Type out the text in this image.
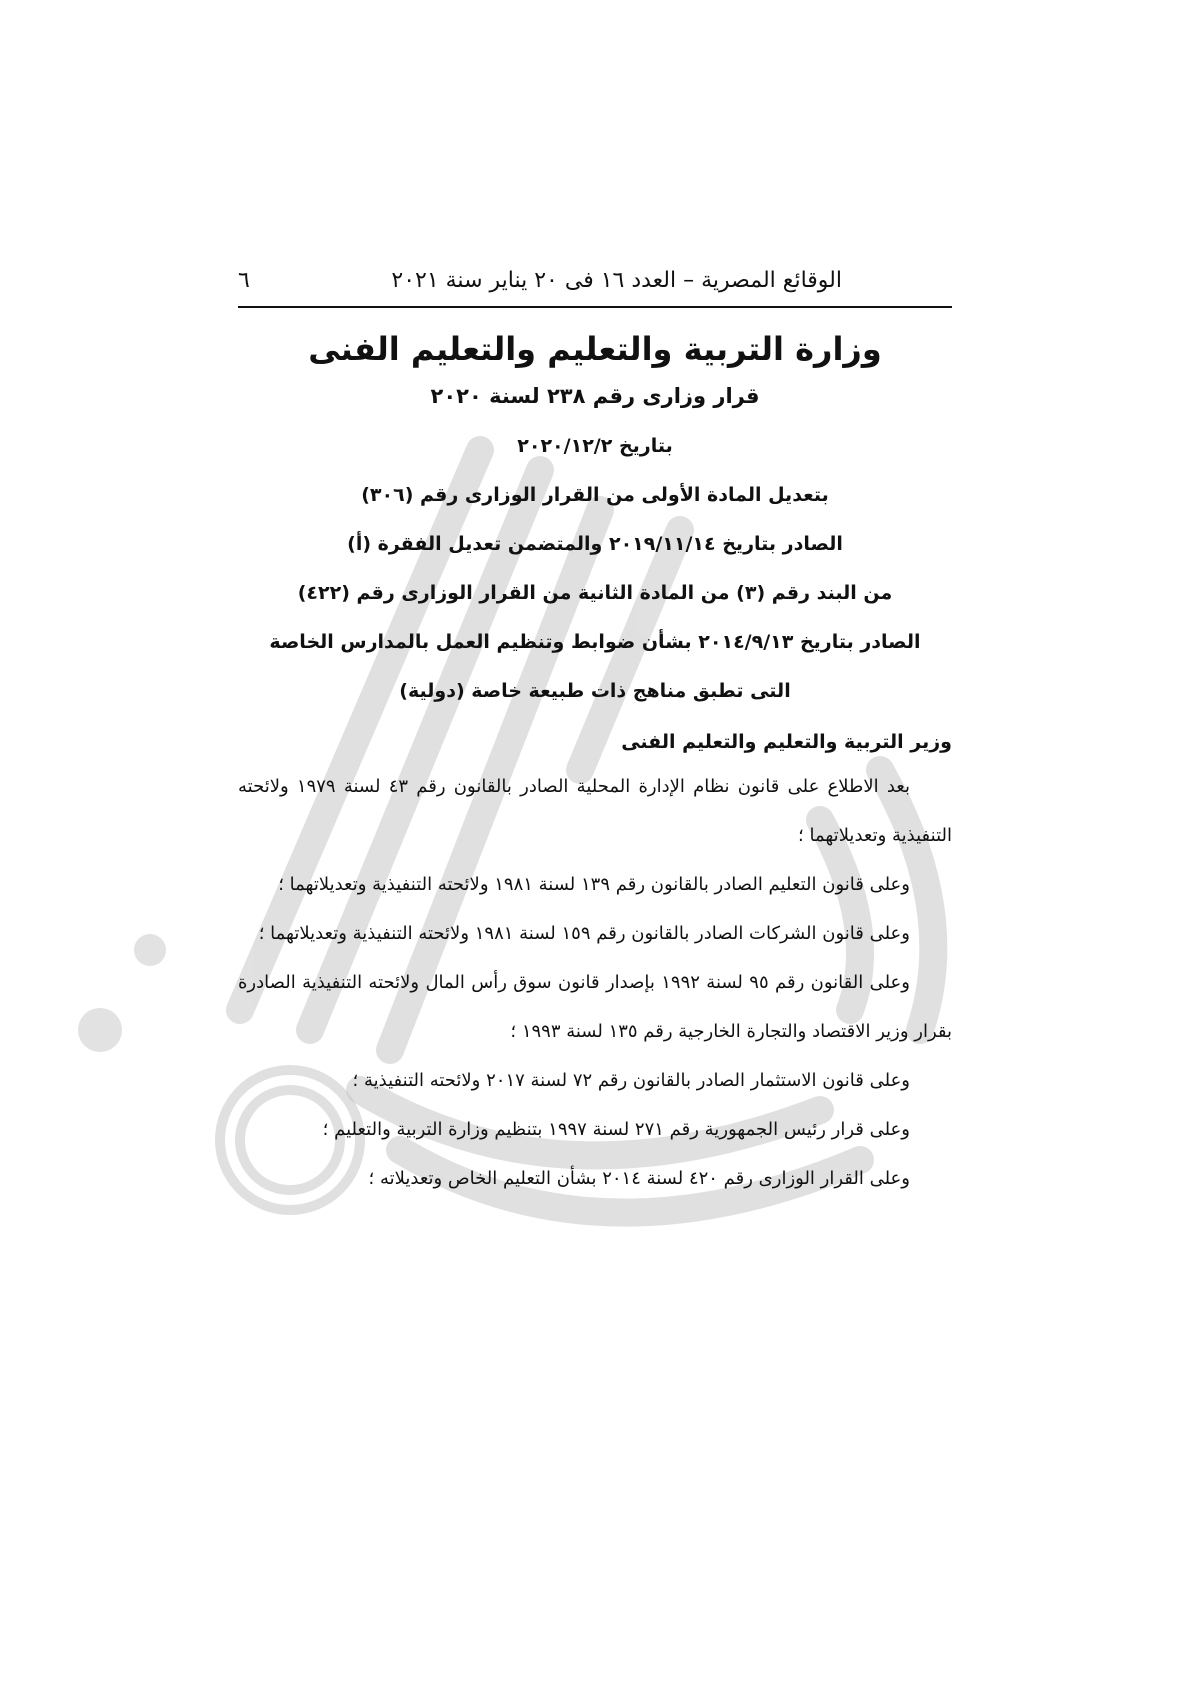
٦	الوقائع المصرية – العدد ١٦ فى ٢٠ يناير سنة ٢٠٢١
وزارة التربية والتعليم والتعليم الفنى
قرار وزارى رقم ٢٣٨ لسنة ٢٠٢٠
بتاريخ ٢٠٢٠/١٢/٢
بتعديل المادة الأولى من القرار الوزارى رقم (٣٠٦)
الصادر بتاريخ ٢٠١٩/١١/١٤ والمتضمن تعديل الفقرة (أ)
من البند رقم (٣) من المادة الثانية من القرار الوزارى رقم (٤٢٢)
الصادر بتاريخ ٢٠١٤/٩/١٣ بشأن ضوابط وتنظيم العمل بالمدارس الخاصة
التى تطبق مناهج ذات طبيعة خاصة (دولية)
وزير التربية والتعليم والتعليم الفنى

بعد الاطلاع على قانون نظام الإدارة المحلية الصادر بالقانون رقم ٤٣ لسنة ١٩٧٩ ولائحته التنفيذية وتعديلاتهما ؛

وعلى قانون التعليم الصادر بالقانون رقم ١٣٩ لسنة ١٩٨١ ولائحته التنفيذية وتعديلاتهما ؛

وعلى قانون الشركات الصادر بالقانون رقم ١٥٩ لسنة ١٩٨١ ولائحته التنفيذية وتعديلاتهما ؛

وعلى القانون رقم ٩٥ لسنة ١٩٩٢ بإصدار قانون سوق رأس المال ولائحته التنفيذية الصادرة بقرار وزير الاقتصاد والتجارة الخارجية رقم ١٣٥ لسنة ١٩٩٣ ؛

وعلى قانون الاستثمار الصادر بالقانون رقم ٧٢ لسنة ٢٠١٧ ولائحته التنفيذية ؛

وعلى قرار رئيس الجمهورية رقم ٢٧١ لسنة ١٩٩٧ بتنظيم وزارة التربية والتعليم ؛

وعلى القرار الوزارى رقم ٤٢٠ لسنة ٢٠١٤ بشأن التعليم الخاص وتعديلاته ؛
